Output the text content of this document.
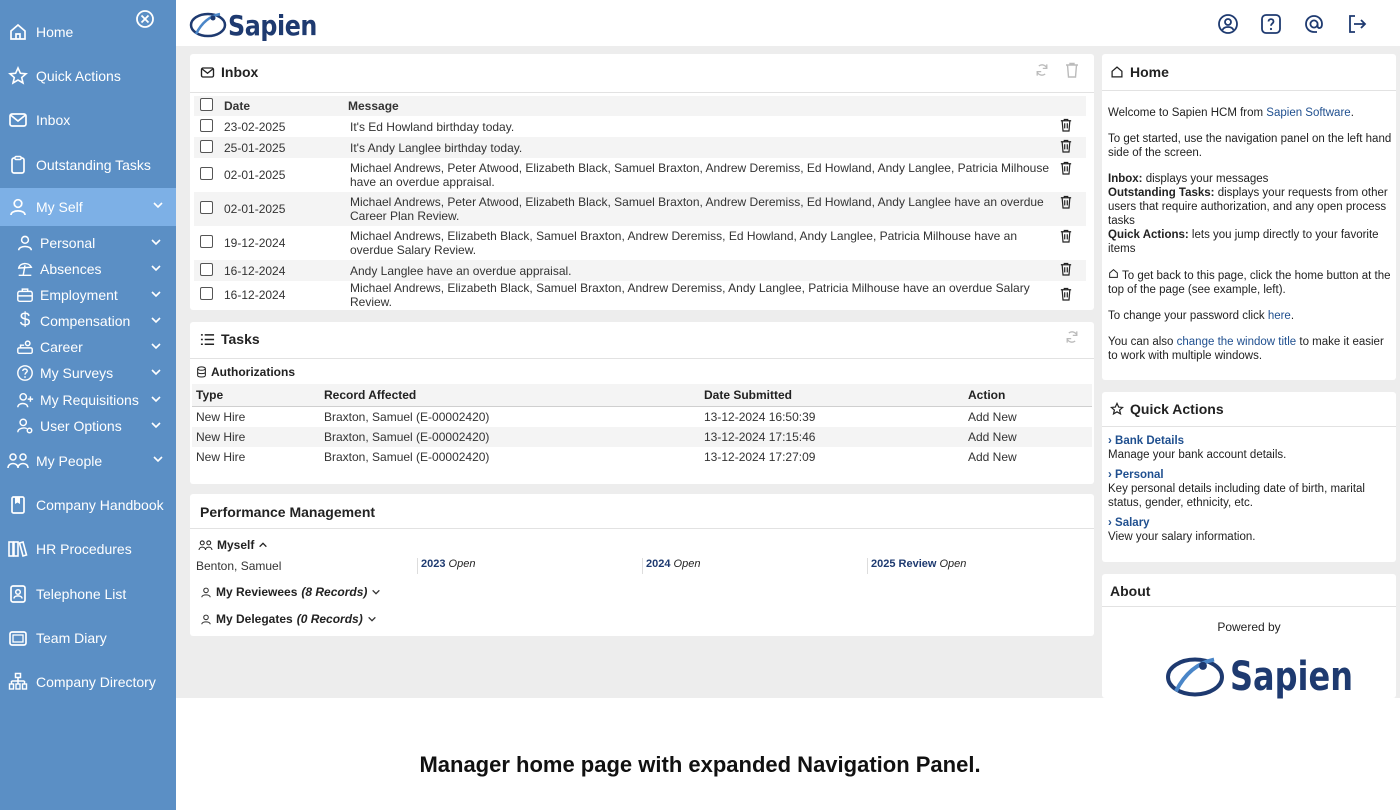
Home
Quick Actions
Inbox
Outstanding Tasks
My Self
Personal
Absences
Employment
$ Compensation
Career
My Surveys
My Requisitions
User Options
My People
Company Handbook
HR Procedures
Telephone List
Team Diary
Company Directory
Sapien
Inbox
	Date	Message	
	23-02-2025	It's Ed Howland birthday today.	
	25-01-2025	It's Andy Langlee birthday today.	
	02-01-2025	Michael Andrews, Peter Atwood, Elizabeth Black, Samuel Braxton, Andrew Deremiss, Ed Howland, Andy Langlee, Patricia Milhouse have an overdue appraisal.	
	02-01-2025	Michael Andrews, Peter Atwood, Elizabeth Black, Samuel Braxton, Andrew Deremiss, Ed Howland, Andy Langlee have an overdue Career Plan Review.	
	19-12-2024	Michael Andrews, Elizabeth Black, Samuel Braxton, Andrew Deremiss, Ed Howland, Andy Langlee, Patricia Milhouse have an overdue Salary Review.	
	16-12-2024	Andy Langlee have an overdue appraisal.	
	16-12-2024	Michael Andrews, Elizabeth Black, Samuel Braxton, Andrew Deremiss, Andy Langlee, Patricia Milhouse have an overdue Salary Review.	
Tasks
Authorizations
Type	Record Affected	Date Submitted	Action
New Hire	Braxton, Samuel (E-00002420)	13-12-2024 16:50:39	Add New
New Hire	Braxton, Samuel (E-00002420)	13-12-2024 17:15:46	Add New
New Hire	Braxton, Samuel (E-00002420)	13-12-2024 17:27:09	Add New
Performance Management
Myself
Benton, Samuel	2023 Open	2024 Open	2025 Review Open
My Reviewees (8 Records)
My Delegates (0 Records)
Home

Welcome to Sapien HCM from Sapien Software.

To get started, use the navigation panel on the left hand side of the screen.

Inbox: displays your messages

Outstanding Tasks: displays your requests from other users that require authorization, and any open process tasks

Quick Actions: lets you jump directly to your favorite items

To get back to this page, click the home button at the top of the page (see example, left).

To change your password click here.

You can also change the window title to make it easier to work with multiple windows.

Quick Actions
› Bank Details
Manage your bank account details.
› Personal
Key personal details including date of birth, marital status, gender, ethnicity, etc.
› Salary
View your salary information.
About
Powered by
Sapien
Manager home page with expanded Navigation Panel.
